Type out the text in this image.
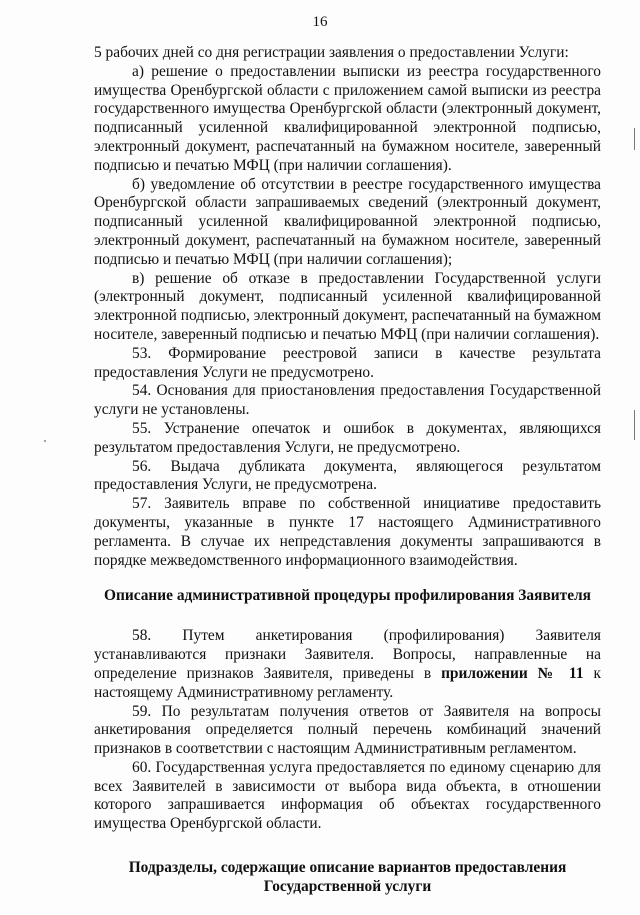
16

5 рабочих дней со дня регистрации заявления о предоставлении Услуги:

а) решение о предоставлении выписки из реестра государственного имущества Оренбургской области с приложением самой выписки из реестра государственного имущества Оренбургской области (электронный документ, подписанный усиленной квалифицированной электронной подписью, электронный документ, распечатанный на бумажном носителе, заверенный подписью и печатью МФЦ (при наличии соглашения).

б) уведомление об отсутствии в реестре государственного имущества Оренбургской области запрашиваемых сведений (электронный документ, подписанный усиленной квалифицированной электронной подписью, электронный документ, распечатанный на бумажном носителе, заверенный подписью и печатью МФЦ (при наличии соглашения);

в) решение об отказе в предоставлении Государственной услуги (электронный документ, подписанный усиленной квалифицированной электронной подписью, электронный документ, распечатанный на бумажном носителе, заверенный подписью и печатью МФЦ (при наличии соглашения).

53. Формирование реестровой записи в качестве результата предоставления Услуги не предусмотрено.

54. Основания для приостановления предоставления Государственной услуги не установлены.

55. Устранение опечаток и ошибок в документах, являющихся результатом предоставления Услуги, не предусмотрено.

56. Выдача дубликата документа, являющегося результатом предоставления Услуги, не предусмотрена.

57. Заявитель вправе по собственной инициативе предоставить документы, указанные в пункте 17 настоящего Административного регламента. В случае их непредставления документы запрашиваются в порядке межведомственного информационного взаимодействия.

Описание административной процедуры профилирования Заявителя

58. Путем анкетирования (профилирования) Заявителя устанавливаются признаки Заявителя. Вопросы, направленные на определение признаков Заявителя, приведены в приложении № 11 к настоящему Административному регламенту.

59. По результатам получения ответов от Заявителя на вопросы анкетирования определяется полный перечень комбинаций значений признаков в соответствии с настоящим Административным регламентом.

60. Государственная услуга предоставляется по единому сценарию для всех Заявителей в зависимости от выбора вида объекта, в отношении которого запрашивается информация об объектах государственного имущества Оренбургской области.

Подразделы, содержащие описание вариантов предоставления Государственной услуги
